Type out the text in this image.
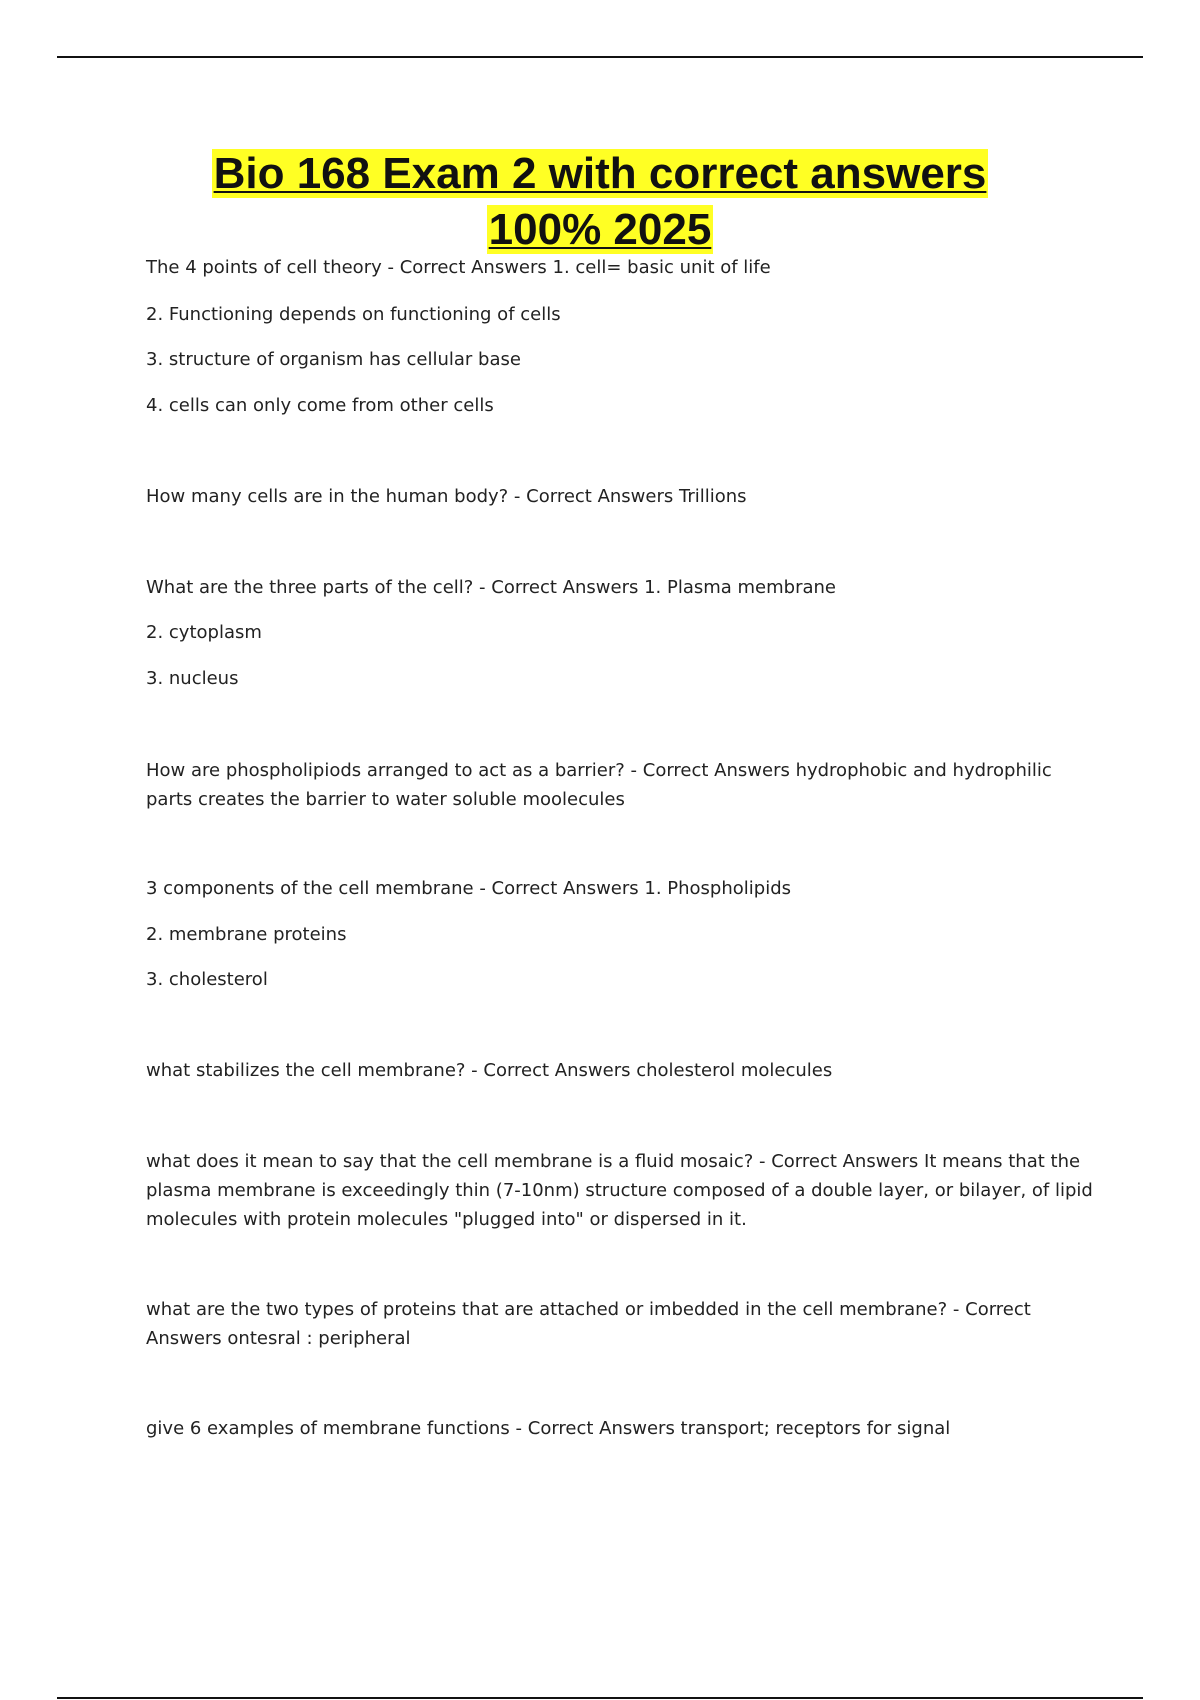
Bio 168 Exam 2 with correct answers
100% 2025

The 4 points of cell theory - Correct Answers 1. cell= basic unit of life

2. Functioning depends on functioning of cells

3. structure of organism has cellular base

4. cells can only come from other cells

How many cells are in the human body? - Correct Answers Trillions

What are the three parts of the cell? - Correct Answers 1. Plasma membrane

2. cytoplasm

3. nucleus

How are phospholipiods arranged to act as a barrier? - Correct Answers hydrophobic and hydrophilic parts creates the barrier to water soluble moolecules

3 components of the cell membrane - Correct Answers 1. Phospholipids

2. membrane proteins

3. cholesterol

what stabilizes the cell membrane? - Correct Answers cholesterol molecules

what does it mean to say that the cell membrane is a fluid mosaic? - Correct Answers It means that the plasma membrane is exceedingly thin (7-10nm) structure composed of a double layer, or bilayer, of lipid molecules with protein molecules "plugged into" or dispersed in it.

what are the two types of proteins that are attached or imbedded in the cell membrane? - Correct Answers ontesral : peripheral

give 6 examples of membrane functions - Correct Answers transport; receptors for signal
